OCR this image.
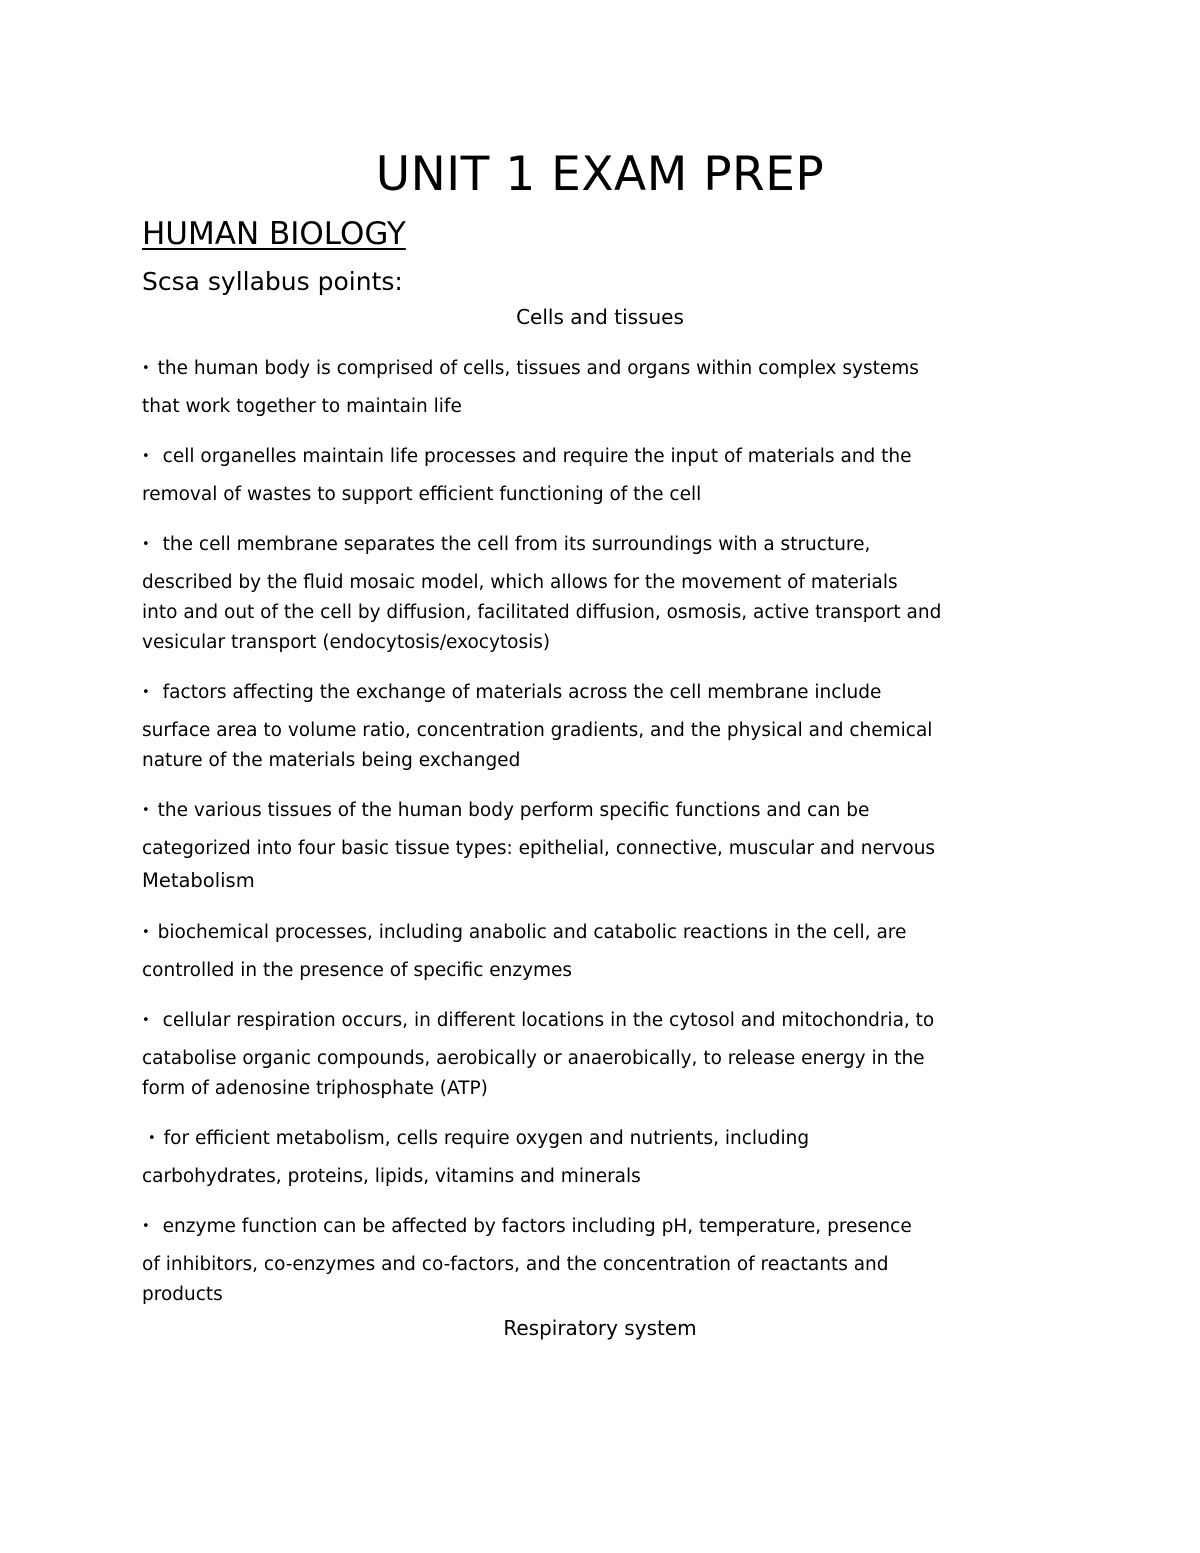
UNIT 1 EXAM PREP
HUMAN BIOLOGY
Scsa syllabus points:
Cells and tissues
• the human body is comprised of cells, tissues and organs within complex systems
that work together to maintain life
• cell organelles maintain life processes and require the input of materials and the
removal of wastes to support efficient functioning of the cell
• the cell membrane separates the cell from its surroundings with a structure,
described by the fluid mosaic model, which allows for the movement of materials
into and out of the cell by diffusion, facilitated diffusion, osmosis, active transport and
vesicular transport (endocytosis/exocytosis)
• factors affecting the exchange of materials across the cell membrane include
surface area to volume ratio, concentration gradients, and the physical and chemical
nature of the materials being exchanged
• the various tissues of the human body perform specific functions and can be
categorized into four basic tissue types: epithelial, connective, muscular and nervous
Metabolism
• biochemical processes, including anabolic and catabolic reactions in the cell, are
controlled in the presence of specific enzymes
• cellular respiration occurs, in different locations in the cytosol and mitochondria, to
catabolise organic compounds, aerobically or anaerobically, to release energy in the
form of adenosine triphosphate (ATP)
• for efficient metabolism, cells require oxygen and nutrients, including
carbohydrates, proteins, lipids, vitamins and minerals
• enzyme function can be affected by factors including pH, temperature, presence
of inhibitors, co-enzymes and co-factors, and the concentration of reactants and
products
Respiratory system
